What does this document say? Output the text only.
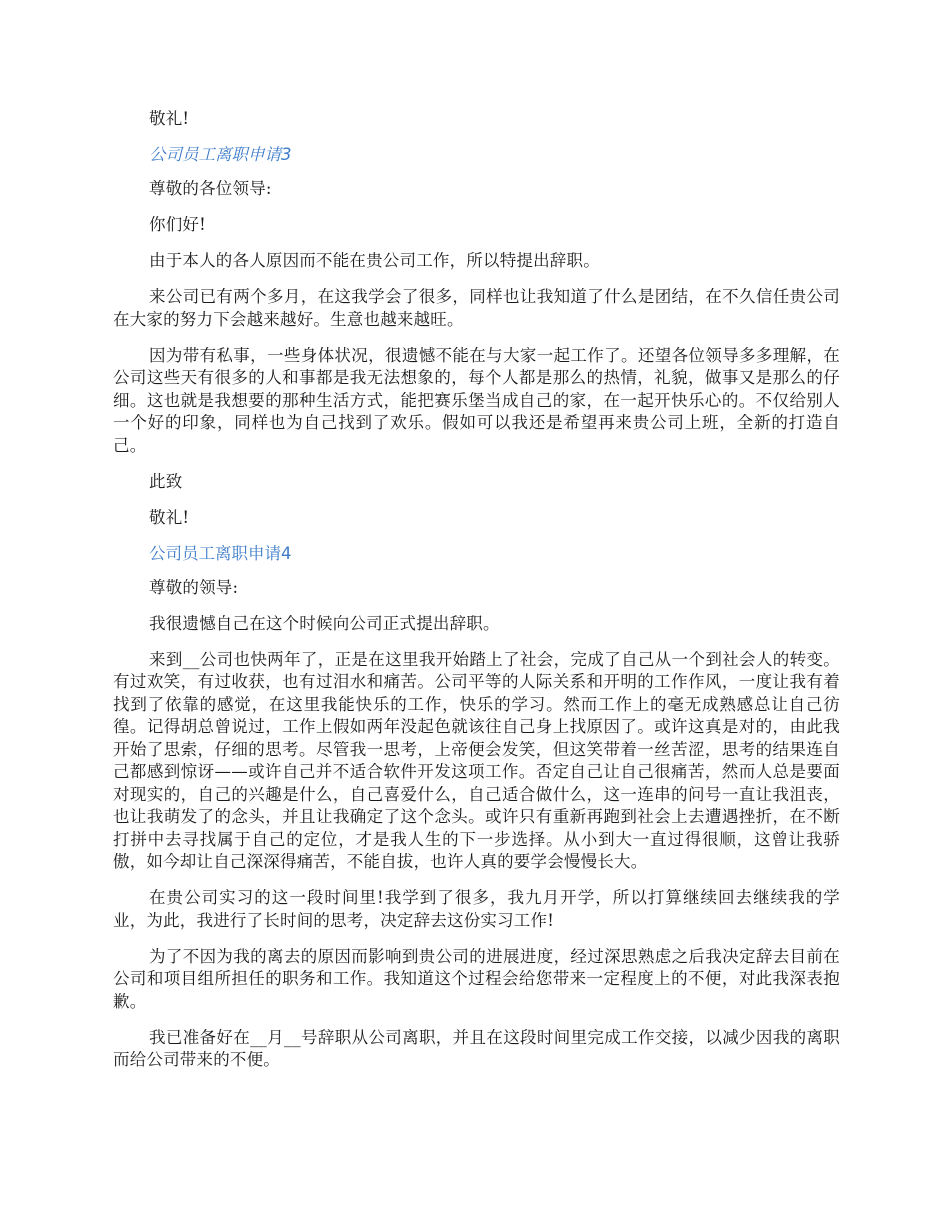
敬礼!

公司员工离职申请3

尊敬的各位领导:

你们好!

由于本人的各人原因而不能在贵公司工作，所以特提出辞职。

来公司已有两个多月，在这我学会了很多，同样也让我知道了什么是团结，在不久信任贵公司在大家的努力下会越来越好。生意也越来越旺。

因为带有私事，一些身体状况，很遗憾不能在与大家一起工作了。还望各位领导多多理解，在公司这些天有很多的人和事都是我无法想象的，每个人都是那么的热情，礼貌，做事又是那么的仔细。这也就是我想要的那种生活方式，能把赛乐堡当成自己的家，在一起开快乐心的。不仅给别人一个好的印象，同样也为自己找到了欢乐。假如可以我还是希望再来贵公司上班，全新的打造自己。

此致

敬礼!

公司员工离职申请4

尊敬的领导:

我很遗憾自己在这个时候向公司正式提出辞职。

来到__公司也快两年了，正是在这里我开始踏上了社会，完成了自己从一个到社会人的转变。有过欢笑，有过收获，也有过泪水和痛苦。公司平等的人际关系和开明的工作作风，一度让我有着找到了依靠的感觉，在这里我能快乐的工作，快乐的学习。然而工作上的毫无成熟感总让自己彷徨。记得胡总曾说过，工作上假如两年没起色就该往自己身上找原因了。或许这真是对的，由此我开始了思索，仔细的思考。尽管我一思考，上帝便会发笑，但这笑带着一丝苦涩，思考的结果连自己都感到惊讶——或许自己并不适合软件开发这项工作。否定自己让自己很痛苦，然而人总是要面对现实的，自己的兴趣是什么，自己喜爱什么，自己适合做什么，这一连串的问号一直让我沮丧，也让我萌发了的念头，并且让我确定了这个念头。或许只有重新再跑到社会上去遭遇挫折，在不断打拼中去寻找属于自己的定位，才是我人生的下一步选择。从小到大一直过得很顺，这曾让我骄傲，如今却让自己深深得痛苦，不能自拔，也许人真的要学会慢慢长大。

在贵公司实习的这一段时间里!我学到了很多，我九月开学，所以打算继续回去继续我的学业，为此，我进行了长时间的思考，决定辞去这份实习工作!

为了不因为我的离去的原因而影响到贵公司的进展进度，经过深思熟虑之后我决定辞去目前在公司和项目组所担任的职务和工作。我知道这个过程会给您带来一定程度上的不便，对此我深表抱歉。

我已准备好在__月__号辞职从公司离职，并且在这段时间里完成工作交接，以减少因我的离职而给公司带来的不便。
